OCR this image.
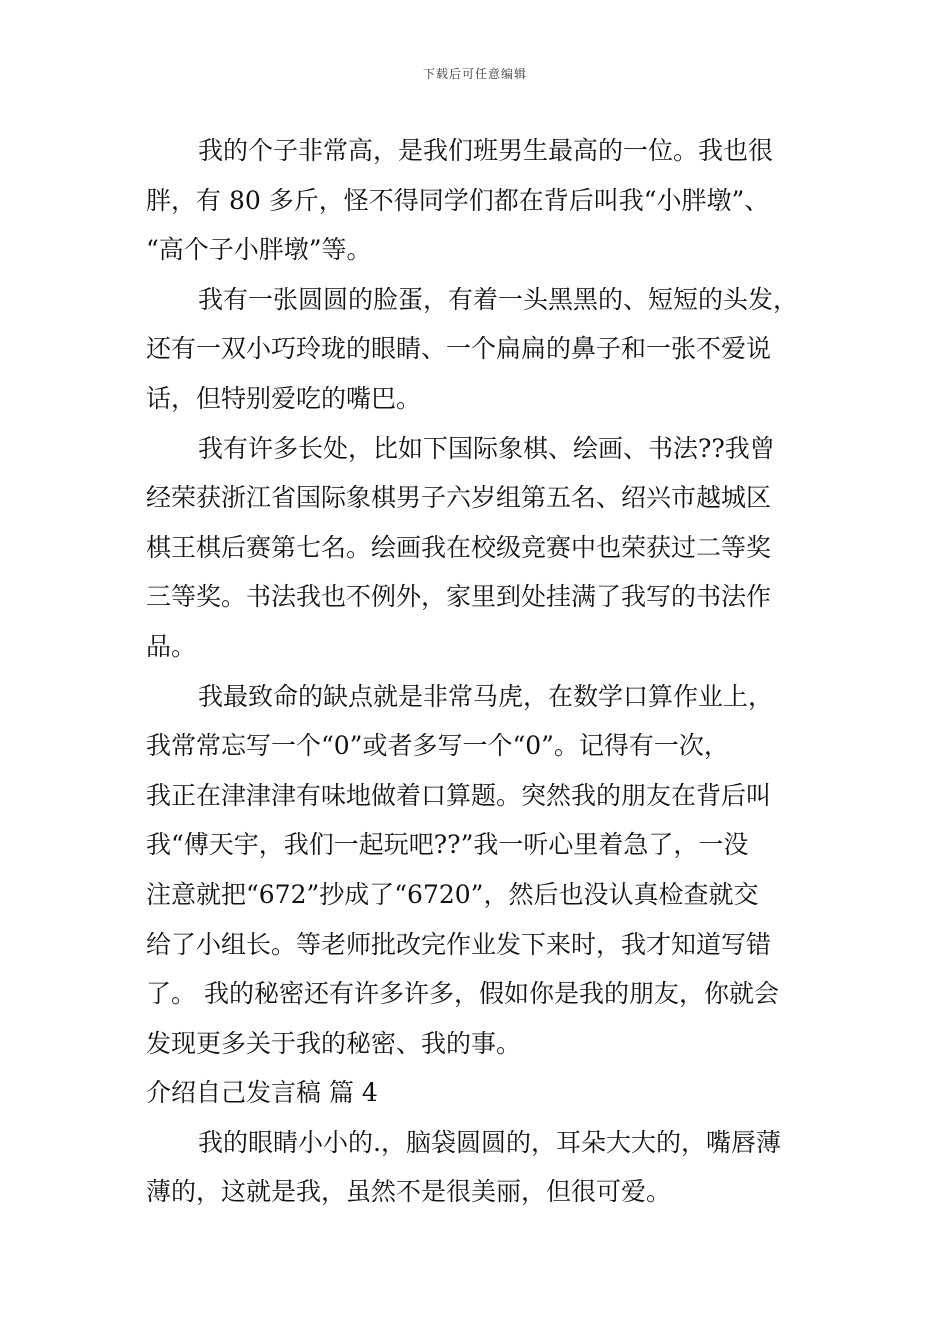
下载后可任意编辑
我的个子非常高，是我们班男生最高的一位。我也很
胖，有 80 多斤，怪不得同学们都在背后叫我“小胖墩”、
“高个子小胖墩”等。
我有一张圆圆的脸蛋，有着一头黑黑的、短短的头发，
还有一双小巧玲珑的眼睛、一个扁扁的鼻子和一张不爱说
话，但特别爱吃的嘴巴。
我有许多长处，比如下国际象棋、绘画、书法??我曾
经荣获浙江省国际象棋男子六岁组第五名、绍兴市越城区
棋王棋后赛第七名。绘画我在校级竞赛中也荣获过二等奖
三等奖。书法我也不例外，家里到处挂满了我写的书法作
品。
我最致命的缺点就是非常马虎，在数学口算作业上，
我常常忘写一个“0”或者多写一个“0”。记得有一次，
我正在津津津有味地做着口算题。突然我的朋友在背后叫
我“傅天宇，我们一起玩吧??”我一听心里着急了，一没
注意就把“672”抄成了“6720”，然后也没认真检查就交
给了小组长。等老师批改完作业发下来时，我才知道写错
了。 我的秘密还有许多许多，假如你是我的朋友，你就会
发现更多关于我的秘密、我的事。
介绍自己发言稿 篇 4
我的眼睛小小的.，脑袋圆圆的，耳朵大大的，嘴唇薄
薄的，这就是我，虽然不是很美丽，但很可爱。
